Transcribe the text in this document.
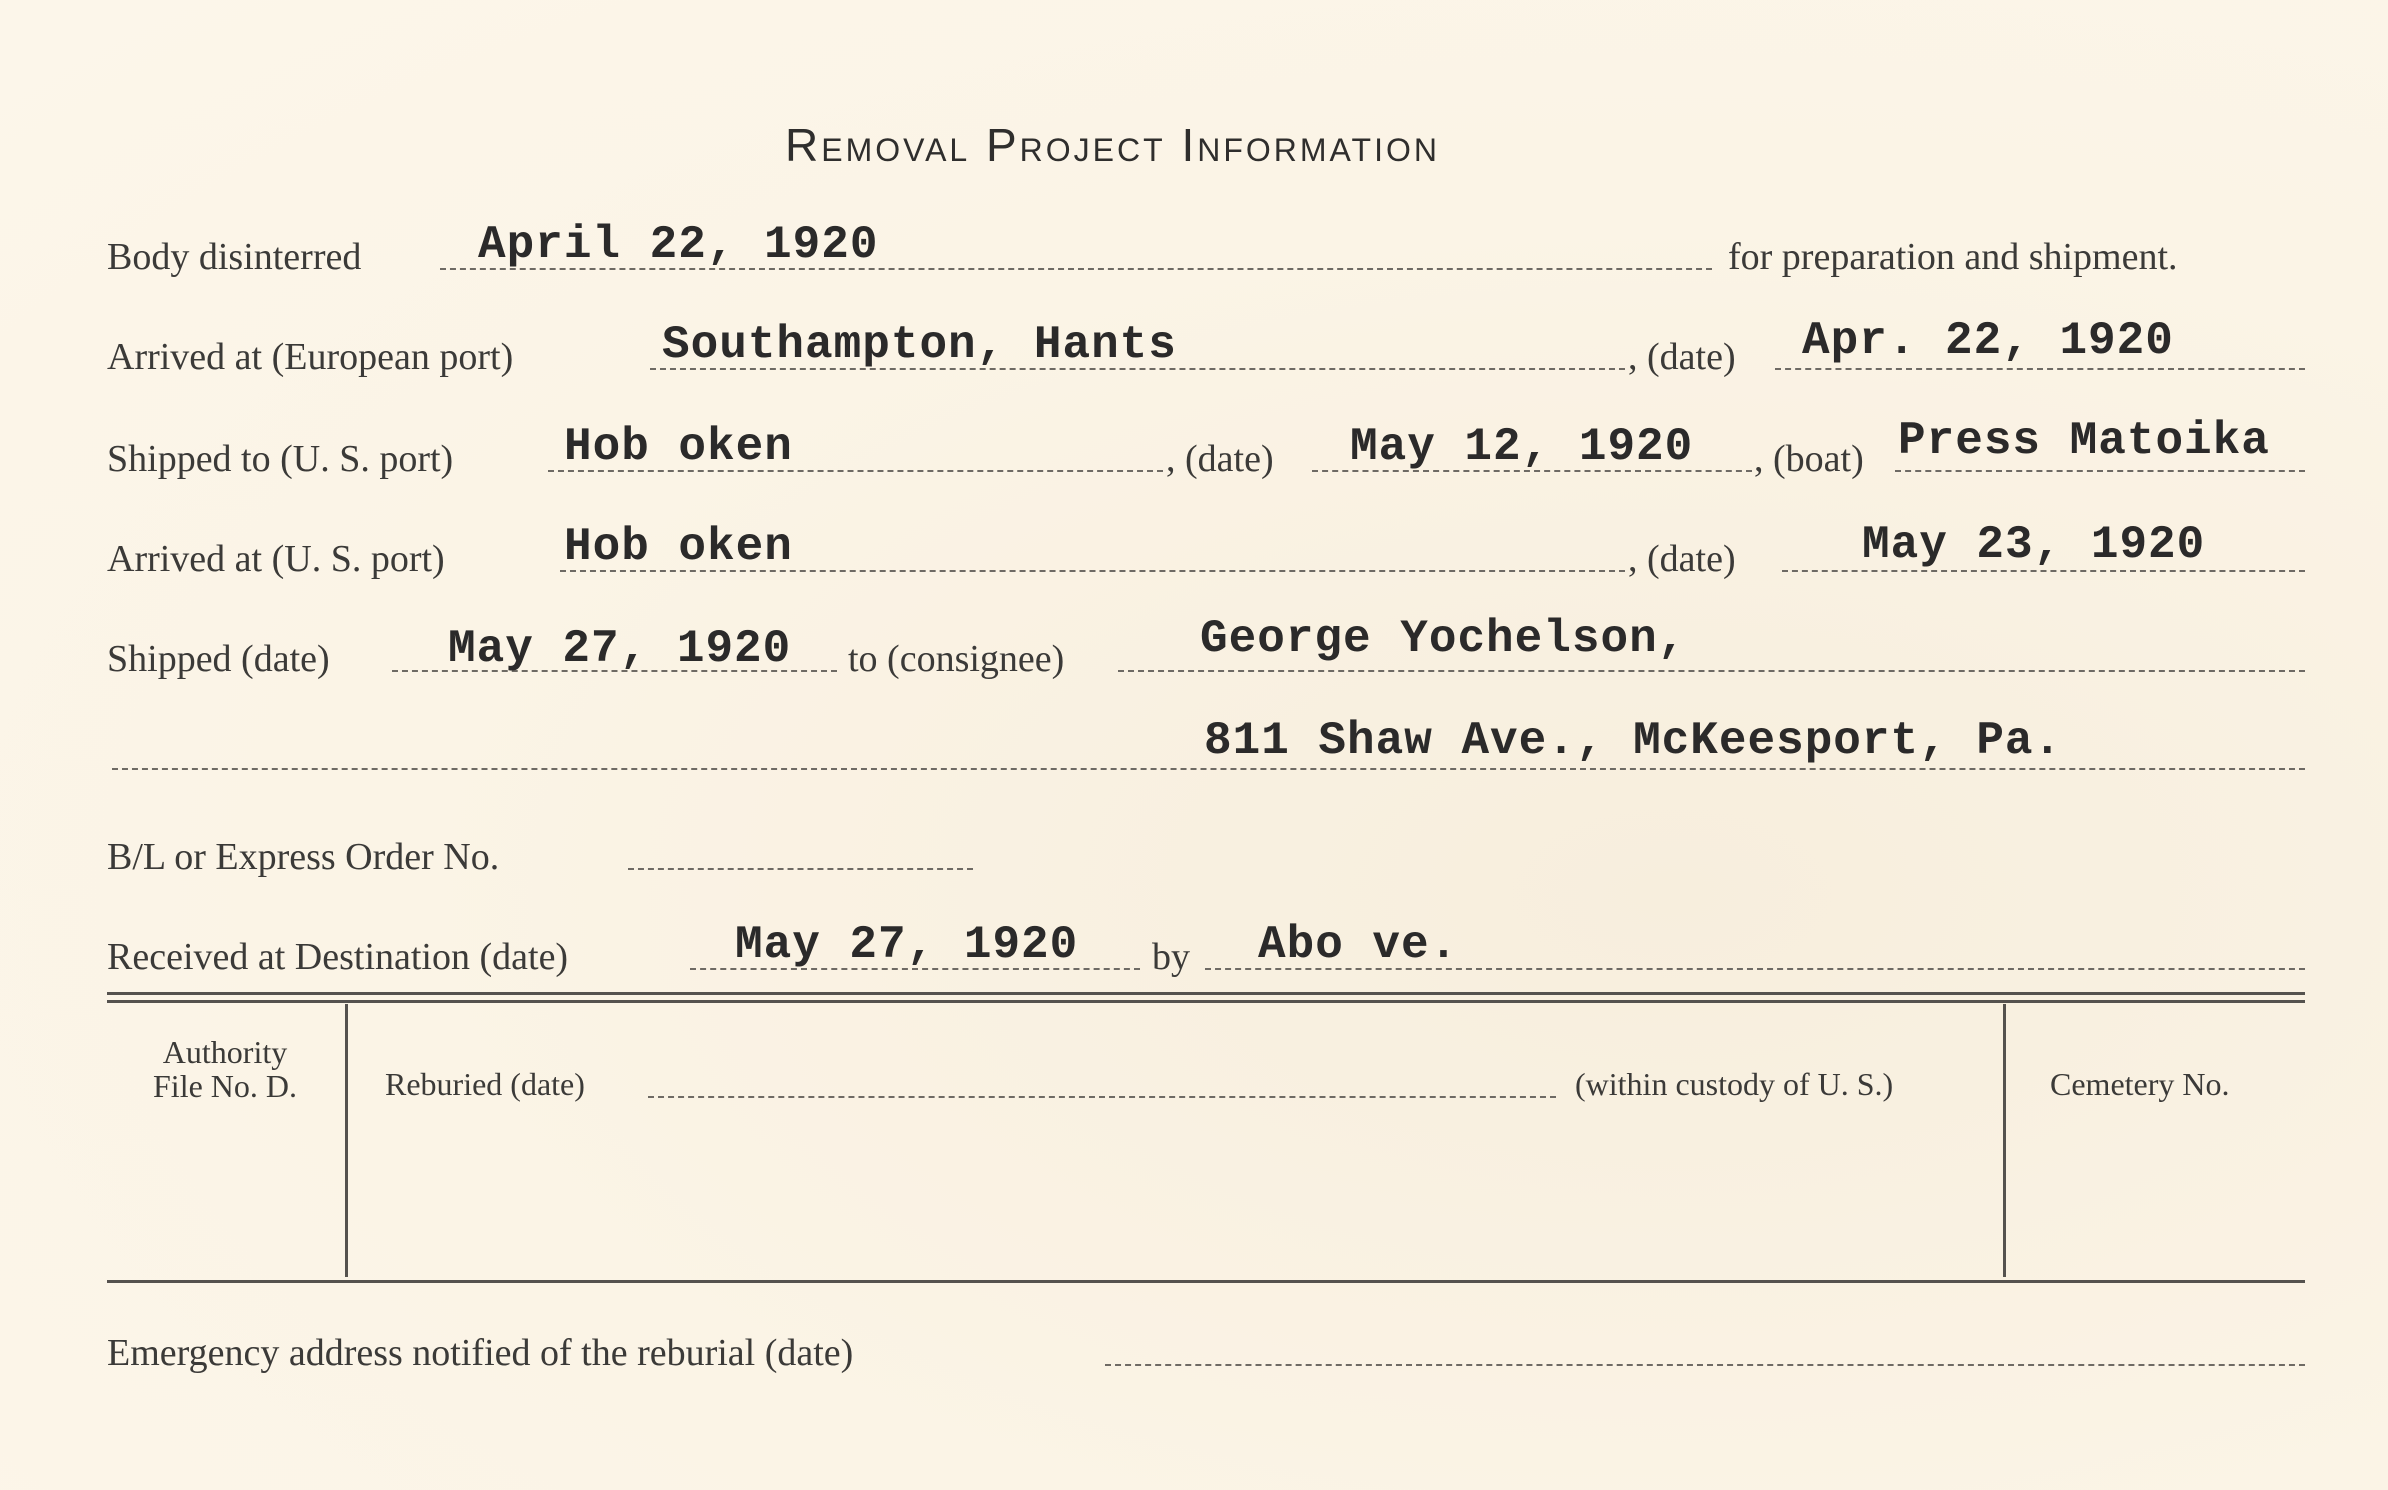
Removal Project Information
Body disinterred	April 22, 1920	for preparation and shipment.
Arrived at (European port)	Southampton, Hants	, (date) Apr. 22, 1920
Shipped to (U. S. port) Hob oken	, (date) May 12, 1920 , (boat) Press Matoika
Arrived at (U. S. port)	Hob oken	, (date)	May 23, 1920
Shipped (date)	May 27, 1920 to (consignee)	George Yochelson,
811 Shaw Ave., McKeesport, Pa.
B/L or Express Order No.
Received at Destination (date)	May 27, 1920 by Abo ve.
Authority
File No. D.	Reburied (date)	(within custody of U. S.)	Cemetery No.
Emergency address notified of the reburial (date)
